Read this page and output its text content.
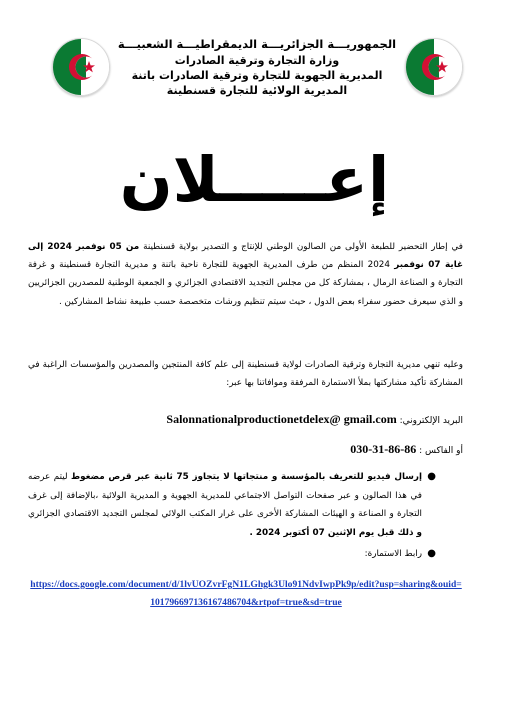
الجمهوريـــة الجزائريـــة الديمقراطيـــة الشعبيـــة
وزارة التجارة وترقية الصادرات
المديرية الجهوية للتجارة وترقية الصادرات باتنة
المديرية الولائية للتجارة قسنطينة
إعـــــلان
في إطار التحضير للطبعة الأولى من الصالون الوطني للإنتاج و التصدير بولاية قسنطينة من 05 نوفمبر 2024 إلى غاية 07 نوفمبر 2024 المنظم من طرف المديرية الجهوية للتجارة ناحية باتنة و مديرية التجارة قسنطينة و غرفة التجارة و الصناعة الرمال ، بمشاركة كل من مجلس التجديد الاقتصادي الجزائري و الجمعية الوطنية للمصدرين الجزائريين و الذي سيعرف حضور سفراء بعض الدول ، حيث سيتم تنظيم ورشات متخصصة حسب طبيعة نشاط المشاركين .
وعليه تنهي مديرية التجارة وترقية الصادرات لولاية قسنطينة إلى علم كافة المنتجين والمصدرين والمؤسسات الراغبة في المشاركة تأكيد مشاركتها بملأ الاستمارة المرفقة وموافاتنا بها عبر:
البريد الإلكتروني: Salonnationalproductionetdelex@ gmail.com
أو الفاكس : 030-31-86-86
●
إرسال فيديو للتعريف بالمؤسسة و منتجاتها لا يتجاوز 75 ثانية عبر قرص مضغوط ليتم عرضه في هذا الصالون و عبر صفحات التواصل الاجتماعي للمديرية الجهوية و المديرية الولائية ،بالإضافة إلى غرف التجارة و الصناعة و الهيئات المشاركة الأخرى على غرار المكتب الولائي لمجلس التجديد الاقتصادي الجزائري و ذلك قبل يوم الإثنين 07 أكتوبر 2024 .
●
رابط الاستمارة:
https://docs.google.com/document/d/1lvUOZvrFgN1LGhgk3Ulo91NdvIwpPk9p/edit?usp=sharing&ouid=101796697136167486704&rtpof=true&sd=true
